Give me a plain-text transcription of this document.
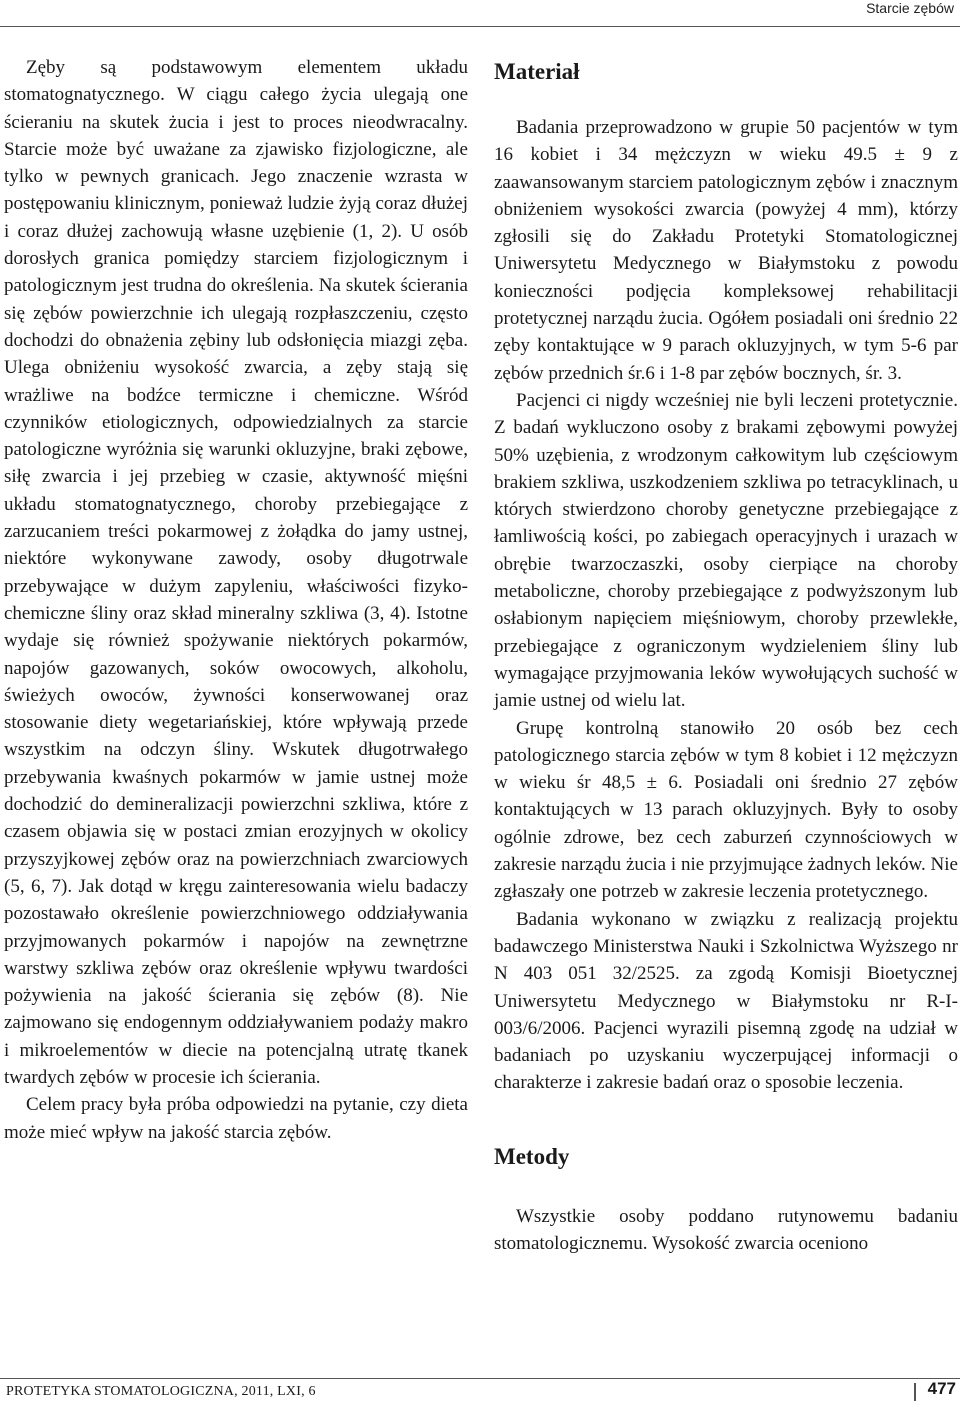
Starcie zębów

Zęby są podstawowym elementem układu stomatognatycznego. W ciągu całego życia ulegają one ścieraniu na skutek żucia i jest to proces nieodwracalny. Starcie może być uważane za zjawisko fizjologiczne, ale tylko w pewnych granicach. Jego znaczenie wzrasta w postępowaniu klinicznym, ponieważ ludzie żyją coraz dłużej i coraz dłużej zachowują własne uzębienie (1, 2). U osób dorosłych granica pomiędzy starciem fizjologicznym i patologicznym jest trudna do określenia. Na skutek ścierania się zębów powierzchnie ich ulegają rozpłaszczeniu, często dochodzi do obnażenia zębiny lub odsłonięcia miazgi zęba. Ulega obniżeniu wysokość zwarcia, a zęby stają się wrażliwe na bodźce termiczne i chemiczne. Wśród czynników etiologicznych, odpowiedzialnych za starcie patologiczne wyróżnia się warunki okluzyjne, braki zębowe, siłę zwarcia i jej przebieg w czasie, aktywność mięśni układu stomatognatycznego, choroby przebiegające z zarzucaniem treści pokarmowej z żołądka do jamy ustnej, niektóre wykonywane zawody, osoby długotrwale przebywające w dużym zapyleniu, właściwości fizyko-chemiczne śliny oraz skład mineralny szkliwa (3, 4). Istotne wydaje się również spożywanie niektórych pokarmów, napojów gazowanych, soków owocowych, alkoholu, świeżych owoców, żywności konserwowanej oraz stosowanie diety wegetariańskiej, które wpływają przede wszystkim na odczyn śliny. Wskutek długotrwałego przebywania kwaśnych pokarmów w jamie ustnej może dochodzić do demineralizacji powierzchni szkliwa, które z czasem objawia się w postaci zmian erozyjnych w okolicy przyszyjkowej zębów oraz na powierzchniach zwarciowych (5, 6, 7). Jak dotąd w kręgu zainteresowania wielu badaczy pozostawało określenie powierzchniowego oddziaływania przyjmowanych pokarmów i napojów na zewnętrzne warstwy szkliwa zębów oraz określenie wpływu twardości pożywienia na jakość ścierania się zębów (8). Nie zajmowano się endogennym oddziaływaniem podaży makro i mikroelementów w diecie na potencjalną utratę tkanek twardych zębów w procesie ich ścierania.

Celem pracy była próba odpowiedzi na pytanie, czy dieta może mieć wpływ na jakość starcia zębów.

Materiał

Badania przeprowadzono w grupie 50 pacjentów w tym 16 kobiet i 34 mężczyzn w wieku 49.5 ± 9 z zaawansowanym starciem patologicznym zębów i znacznym obniżeniem wysokości zwarcia (powyżej 4 mm), którzy zgłosili się do Zakładu Protetyki Stomatologicznej Uniwersytetu Medycznego w Białymstoku z powodu konieczności podjęcia kompleksowej rehabilitacji protetycznej narządu żucia. Ogółem posiadali oni średnio 22 zęby kontaktujące w 9 parach okluzyjnych, w tym 5-6 par zębów przednich śr.6 i 1-8 par zębów bocznych, śr. 3.

Pacjenci ci nigdy wcześniej nie byli leczeni protetycznie. Z badań wykluczono osoby z brakami zębowymi powyżej 50% uzębienia, z wrodzonym całkowitym lub częściowym brakiem szkliwa, uszkodzeniem szkliwa po tetracyklinach, u których stwierdzono choroby genetyczne przebiegające z łamliwością kości, po zabiegach operacyjnych i urazach w obrębie twarzoczaszki, osoby cierpiące na choroby metaboliczne, choroby przebiegające z podwyższonym lub osłabionym napięciem mięśniowym, choroby przewlekłe, przebiegające z ograniczonym wydzieleniem śliny lub wymagające przyjmowania leków wywołujących suchość w jamie ustnej od wielu lat.

Grupę kontrolną stanowiło 20 osób bez cech patologicznego starcia zębów w tym 8 kobiet i 12 mężczyzn w wieku śr 48,5 ± 6. Posiadali oni średnio 27 zębów kontaktujących w 13 parach okluzyjnych. Były to osoby ogólnie zdrowe, bez cech zaburzeń czynnościowych w zakresie narządu żucia i nie przyjmujące żadnych leków. Nie zgłaszały one potrzeb w zakresie leczenia protetycznego.

Badania wykonano w związku z realizacją projektu badawczego Ministerstwa Nauki i Szkolnictwa Wyższego nr N 403 051 32/2525. za zgodą Komisji Bioetycznej Uniwersytetu Medycznego w Białymstoku nr R-I-003/6/2006. Pacjenci wyrazili pisemną zgodę na udział w badaniach po uzyskaniu wyczerpującej informacji o charakterze i zakresie badań oraz o sposobie leczenia.

Metody

Wszystkie osoby poddano rutynowemu badaniu stomatologicznemu. Wysokość zwarcia oceniono

PROTETYKA STOMATOLOGICZNA, 2011, LXI, 6	477
